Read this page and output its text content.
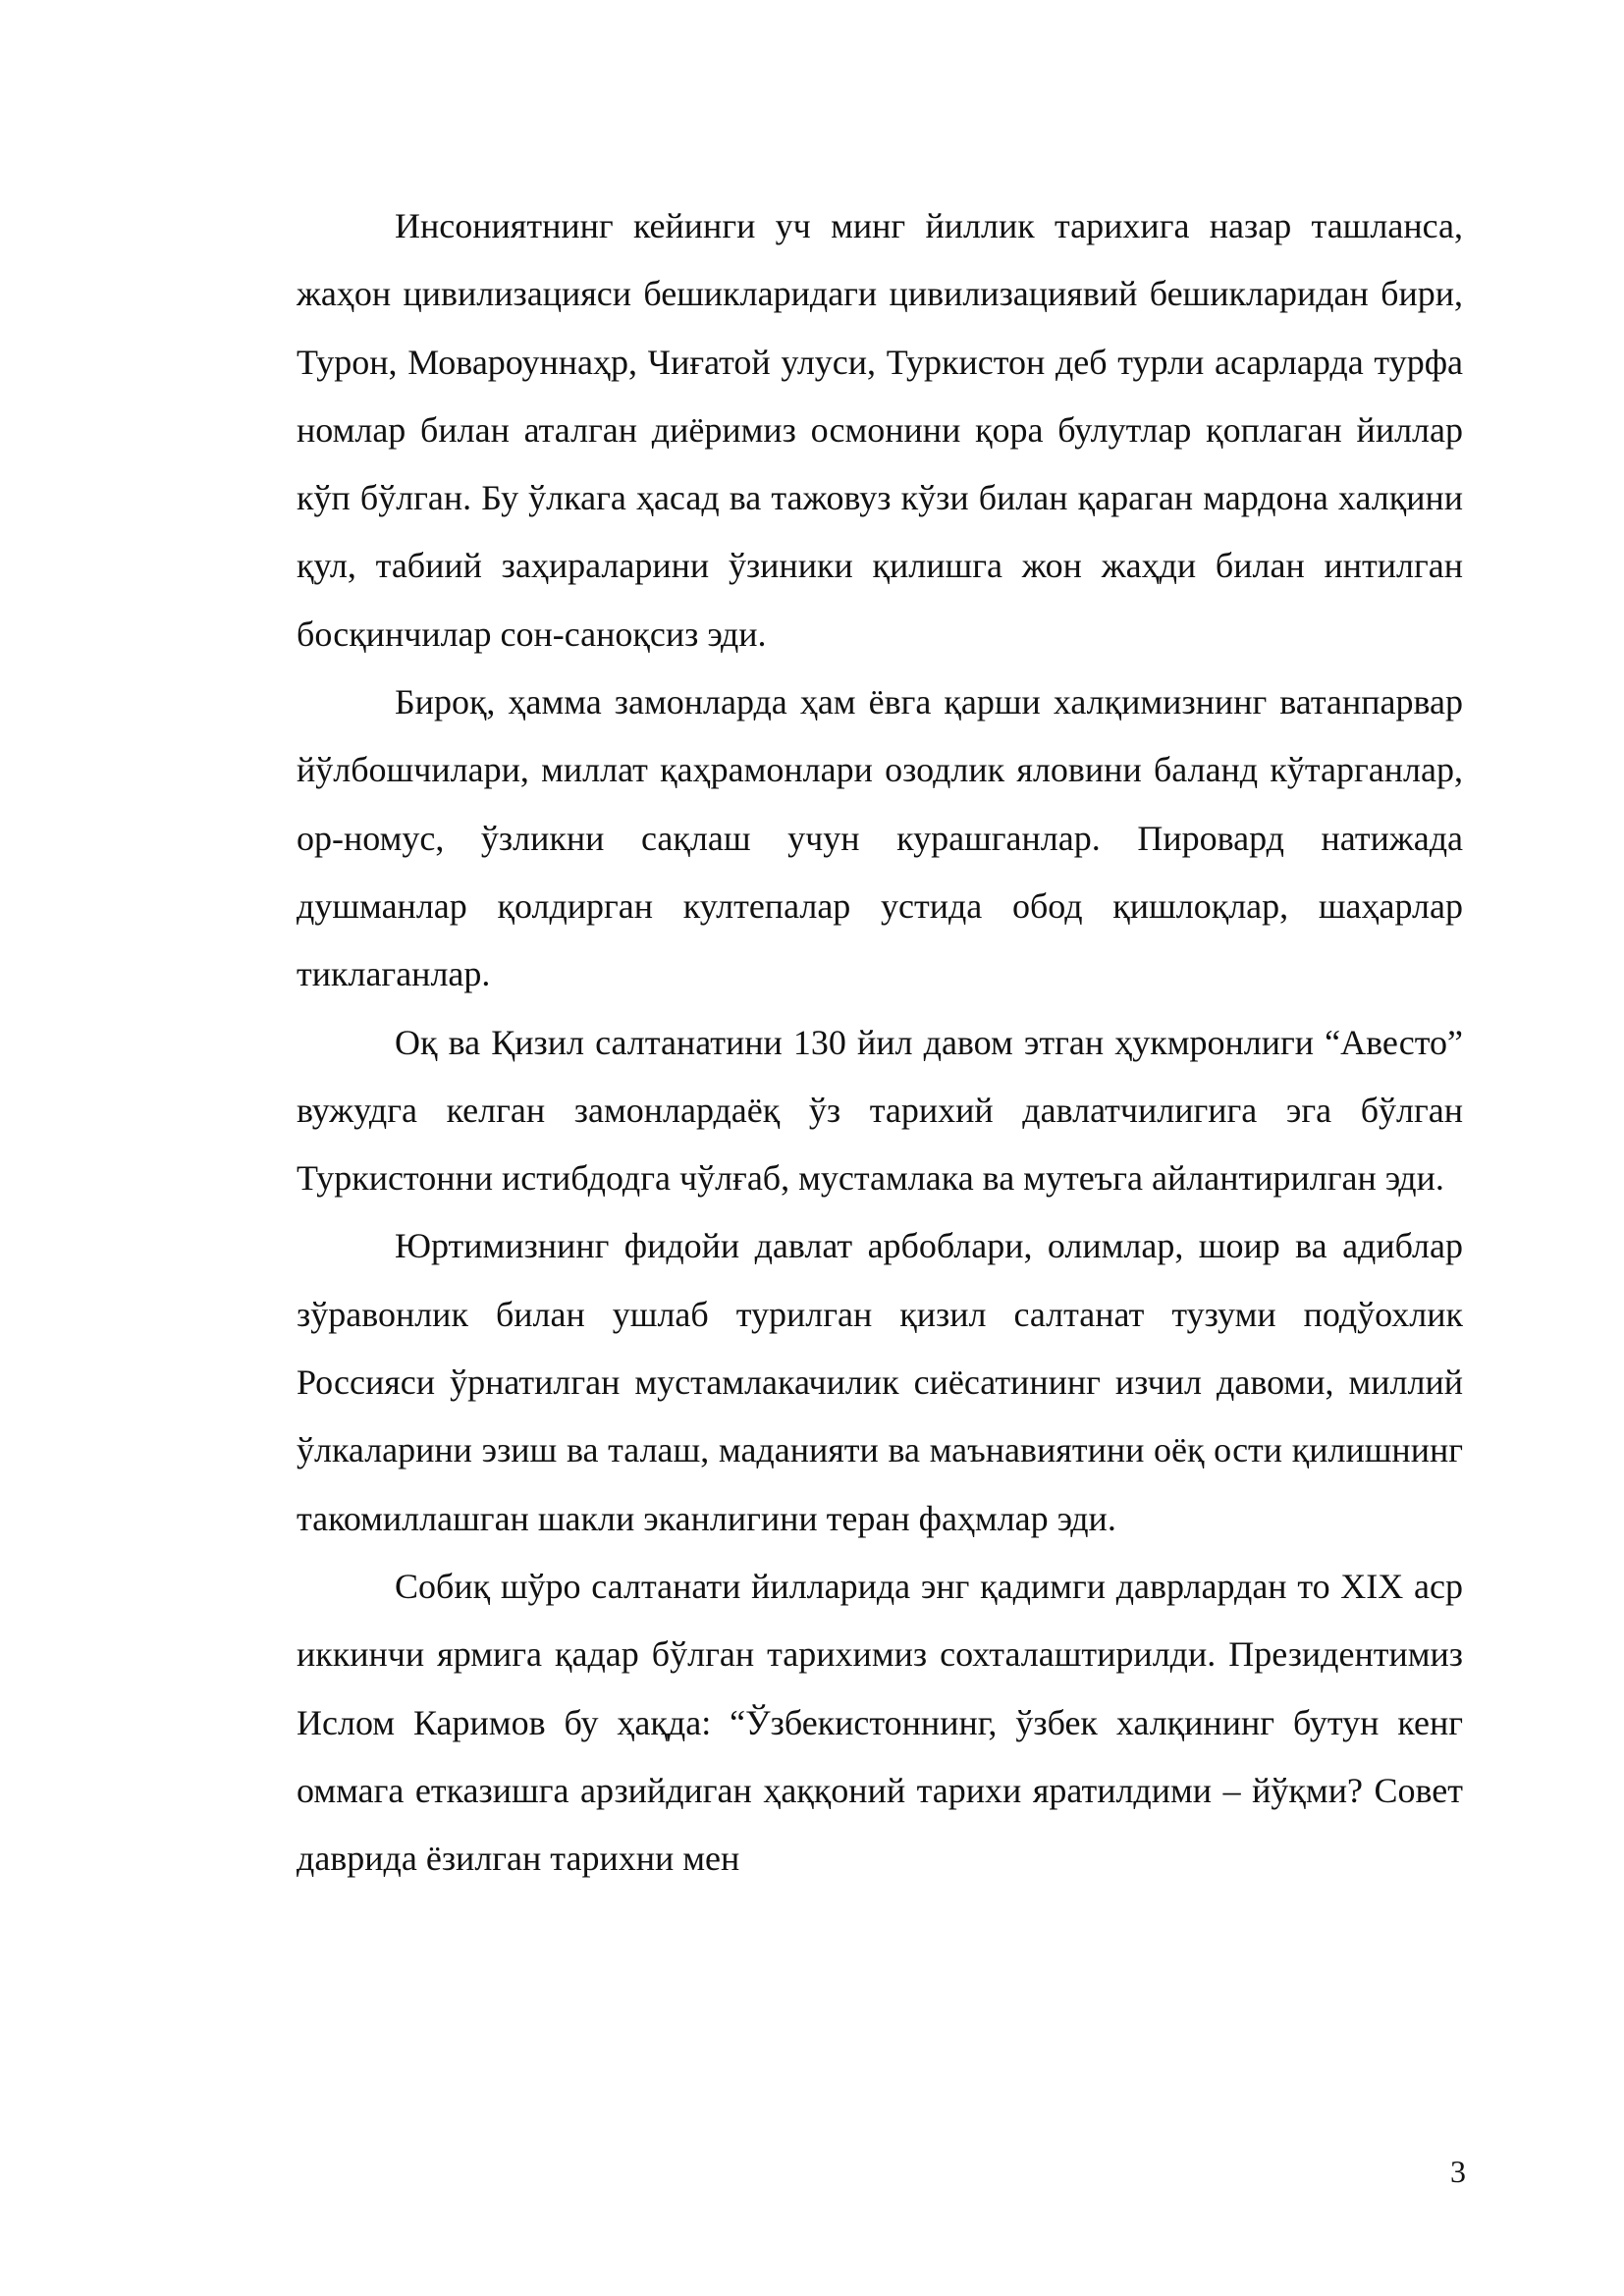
Инсониятнинг кейинги уч минг йиллик тарихига назар ташланса, жаҳон цивилизацияси бешикларидаги цивилизациявий бешикларидан бири, Турон, Мовароуннаҳр, Чиғатой улуси, Туркистон деб турли асарларда турфа номлар билан аталган диёримиз осмонини қора булутлар қоплаган йиллар кўп бўлган. Бу ўлкага ҳасад ва тажовуз кўзи билан қараган мардона халқини қул, табиий заҳираларини ўзиники қилишга жон жаҳди билан интилган босқинчилар сон-саноқсиз эди.

Бироқ, ҳамма замонларда ҳам ёвга қарши халқимизнинг ватанпарвар йўлбошчилари, миллат қаҳрамонлари озодлик яловини баланд кўтарганлар, ор-номус, ўзликни сақлаш учун курашганлар. Пировард натижада душманлар қолдирган култепалар устида обод қишлоқлар, шаҳарлар тиклаганлар.

Оқ ва Қизил салтанатини 130 йил давом этган ҳукмронлиги “Авесто” вужудга келган замонлардаёқ ўз тарихий давлатчилигига эга бўлган Туркистонни истибдодга чўлғаб, мустамлака ва мутеъга айлантирилган эди.

Юртимизнинг фидойи давлат арбоблари, олимлар, шоир ва адиблар зўравонлик билан ушлаб турилган қизил салтанат тузуми подўохлик Россияси ўрнатилган мустамлакачилик сиёсатининг изчил давоми, миллий ўлкаларини эзиш ва талаш, маданияти ва маънавиятини оёқ ости қилишнинг такомиллашган шакли эканлигини теран фаҳмлар эди.

Собиқ шўро салтанати йилларида энг қадимги даврлардан то XIX аср иккинчи ярмига қадар бўлган тарихимиз сохталаштирилди. Президентимиз Ислом Каримов бу ҳақда: “Ўзбекистоннинг, ўзбек халқининг бутун кенг оммага етказишга арзийдиган ҳаққоний тарихи яратилдими – йўқми? Совет даврида ёзилган тарихни мен

3
